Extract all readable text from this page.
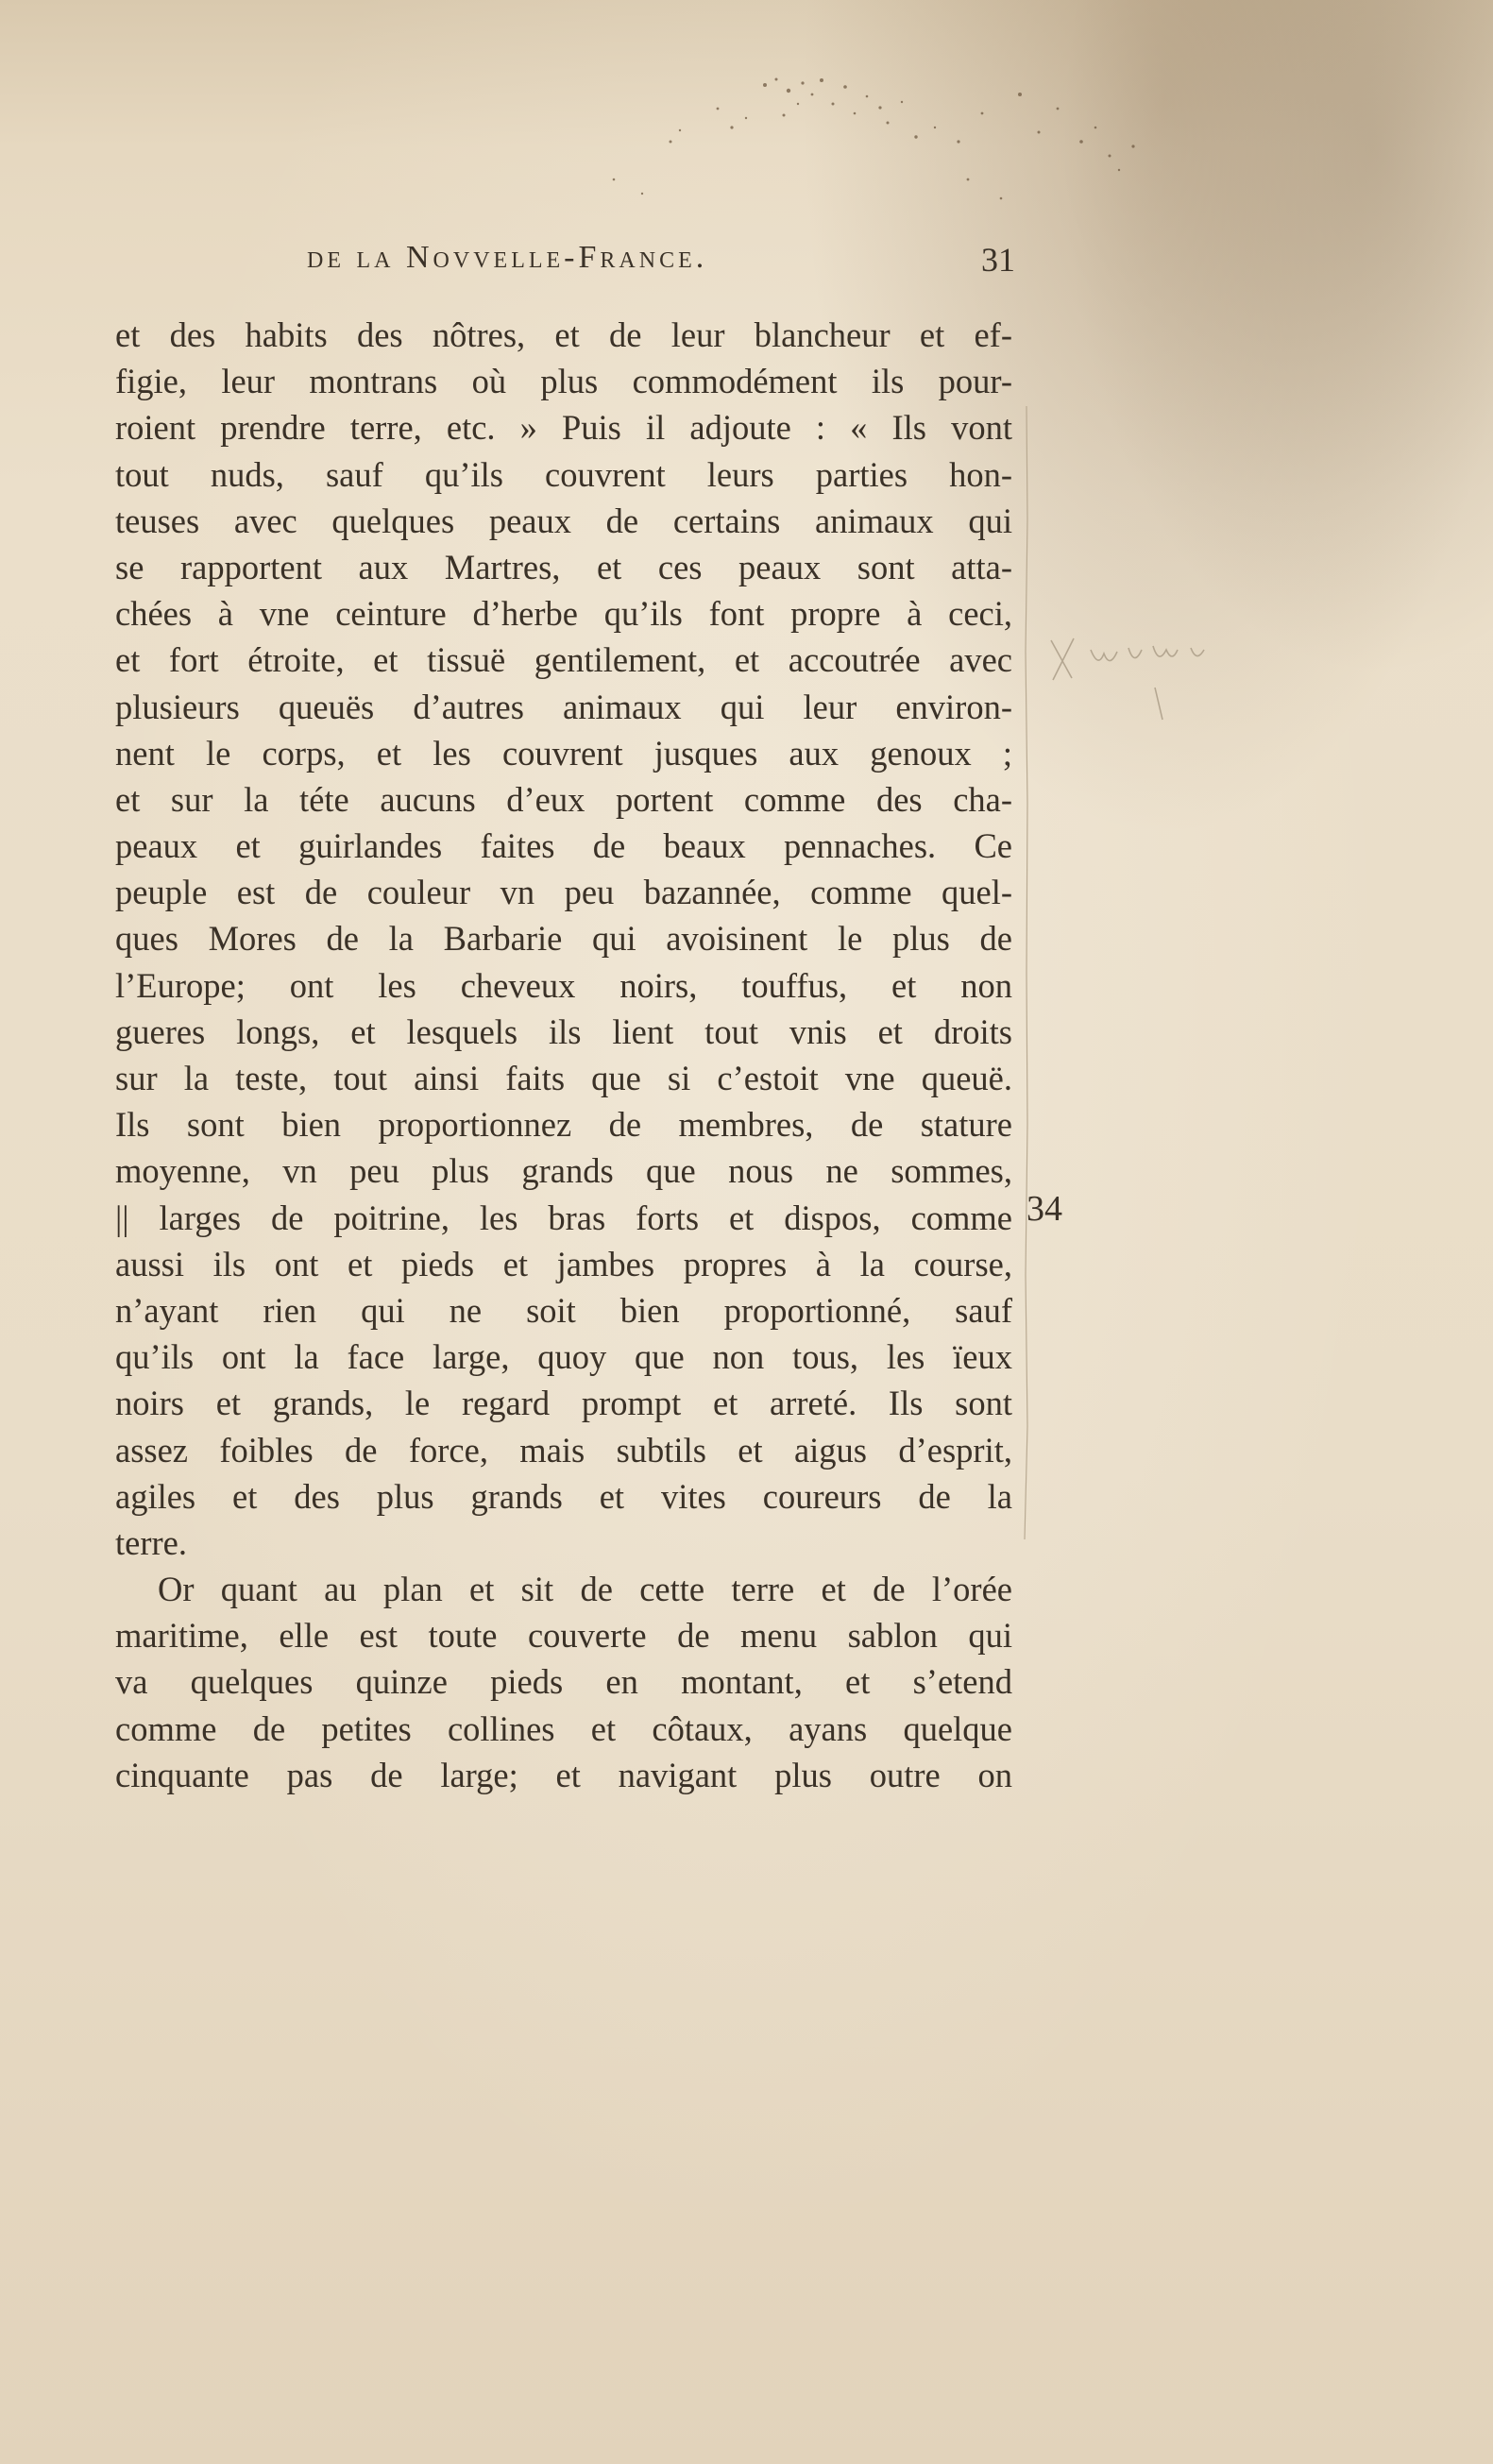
de la Novvelle-France.	31

et des habits des nôtres, et de leur blancheur et ef-
figie, leur montrans où plus commodément ils pour-
roient prendre terre, etc. » Puis il adjoute : « Ils vont
tout nuds, sauf qu’ils couvrent leurs parties hon-
teuses avec quelques peaux de certains animaux qui
se rapportent aux Martres, et ces peaux sont atta-
chées à vne ceinture d’herbe qu’ils font propre à ceci,
et fort étroite, et tissuë gentilement, et accoutrée avec
plusieurs queuës d’autres animaux qui leur environ-
nent le corps, et les couvrent jusques aux genoux ;
et sur la téte aucuns d’eux portent comme des cha-
peaux et guirlandes faites de beaux pennaches. Ce
peuple est de couleur vn peu bazannée, comme quel-
ques Mores de la Barbarie qui avoisinent le plus de
l’Europe; ont les cheveux noirs, touffus, et non
gueres longs, et lesquels ils lient tout vnis et droits
sur la teste, tout ainsi faits que si c’estoit vne queuë.
Ils sont bien proportionnez de membres, de stature
moyenne, vn peu plus grands que nous ne sommes,
|| larges de poitrine, les bras forts et dispos, comme
aussi ils ont et pieds et jambes propres à la course,
n’ayant rien qui ne soit bien proportionné, sauf
qu’ils ont la face large, quoy que non tous, les ïeux
noirs et grands, le regard prompt et arreté. Ils sont
assez foibles de force, mais subtils et aigus d’esprit,
agiles et des plus grands et vites coureurs de la
terre.

Or quant au plan et sit de cette terre et de l’orée
maritime, elle est toute couverte de menu sablon qui
va quelques quinze pieds en montant, et s’etend
comme de petites collines et côtaux, ayans quelque
cinquante pas de large; et navigant plus outre on

34
